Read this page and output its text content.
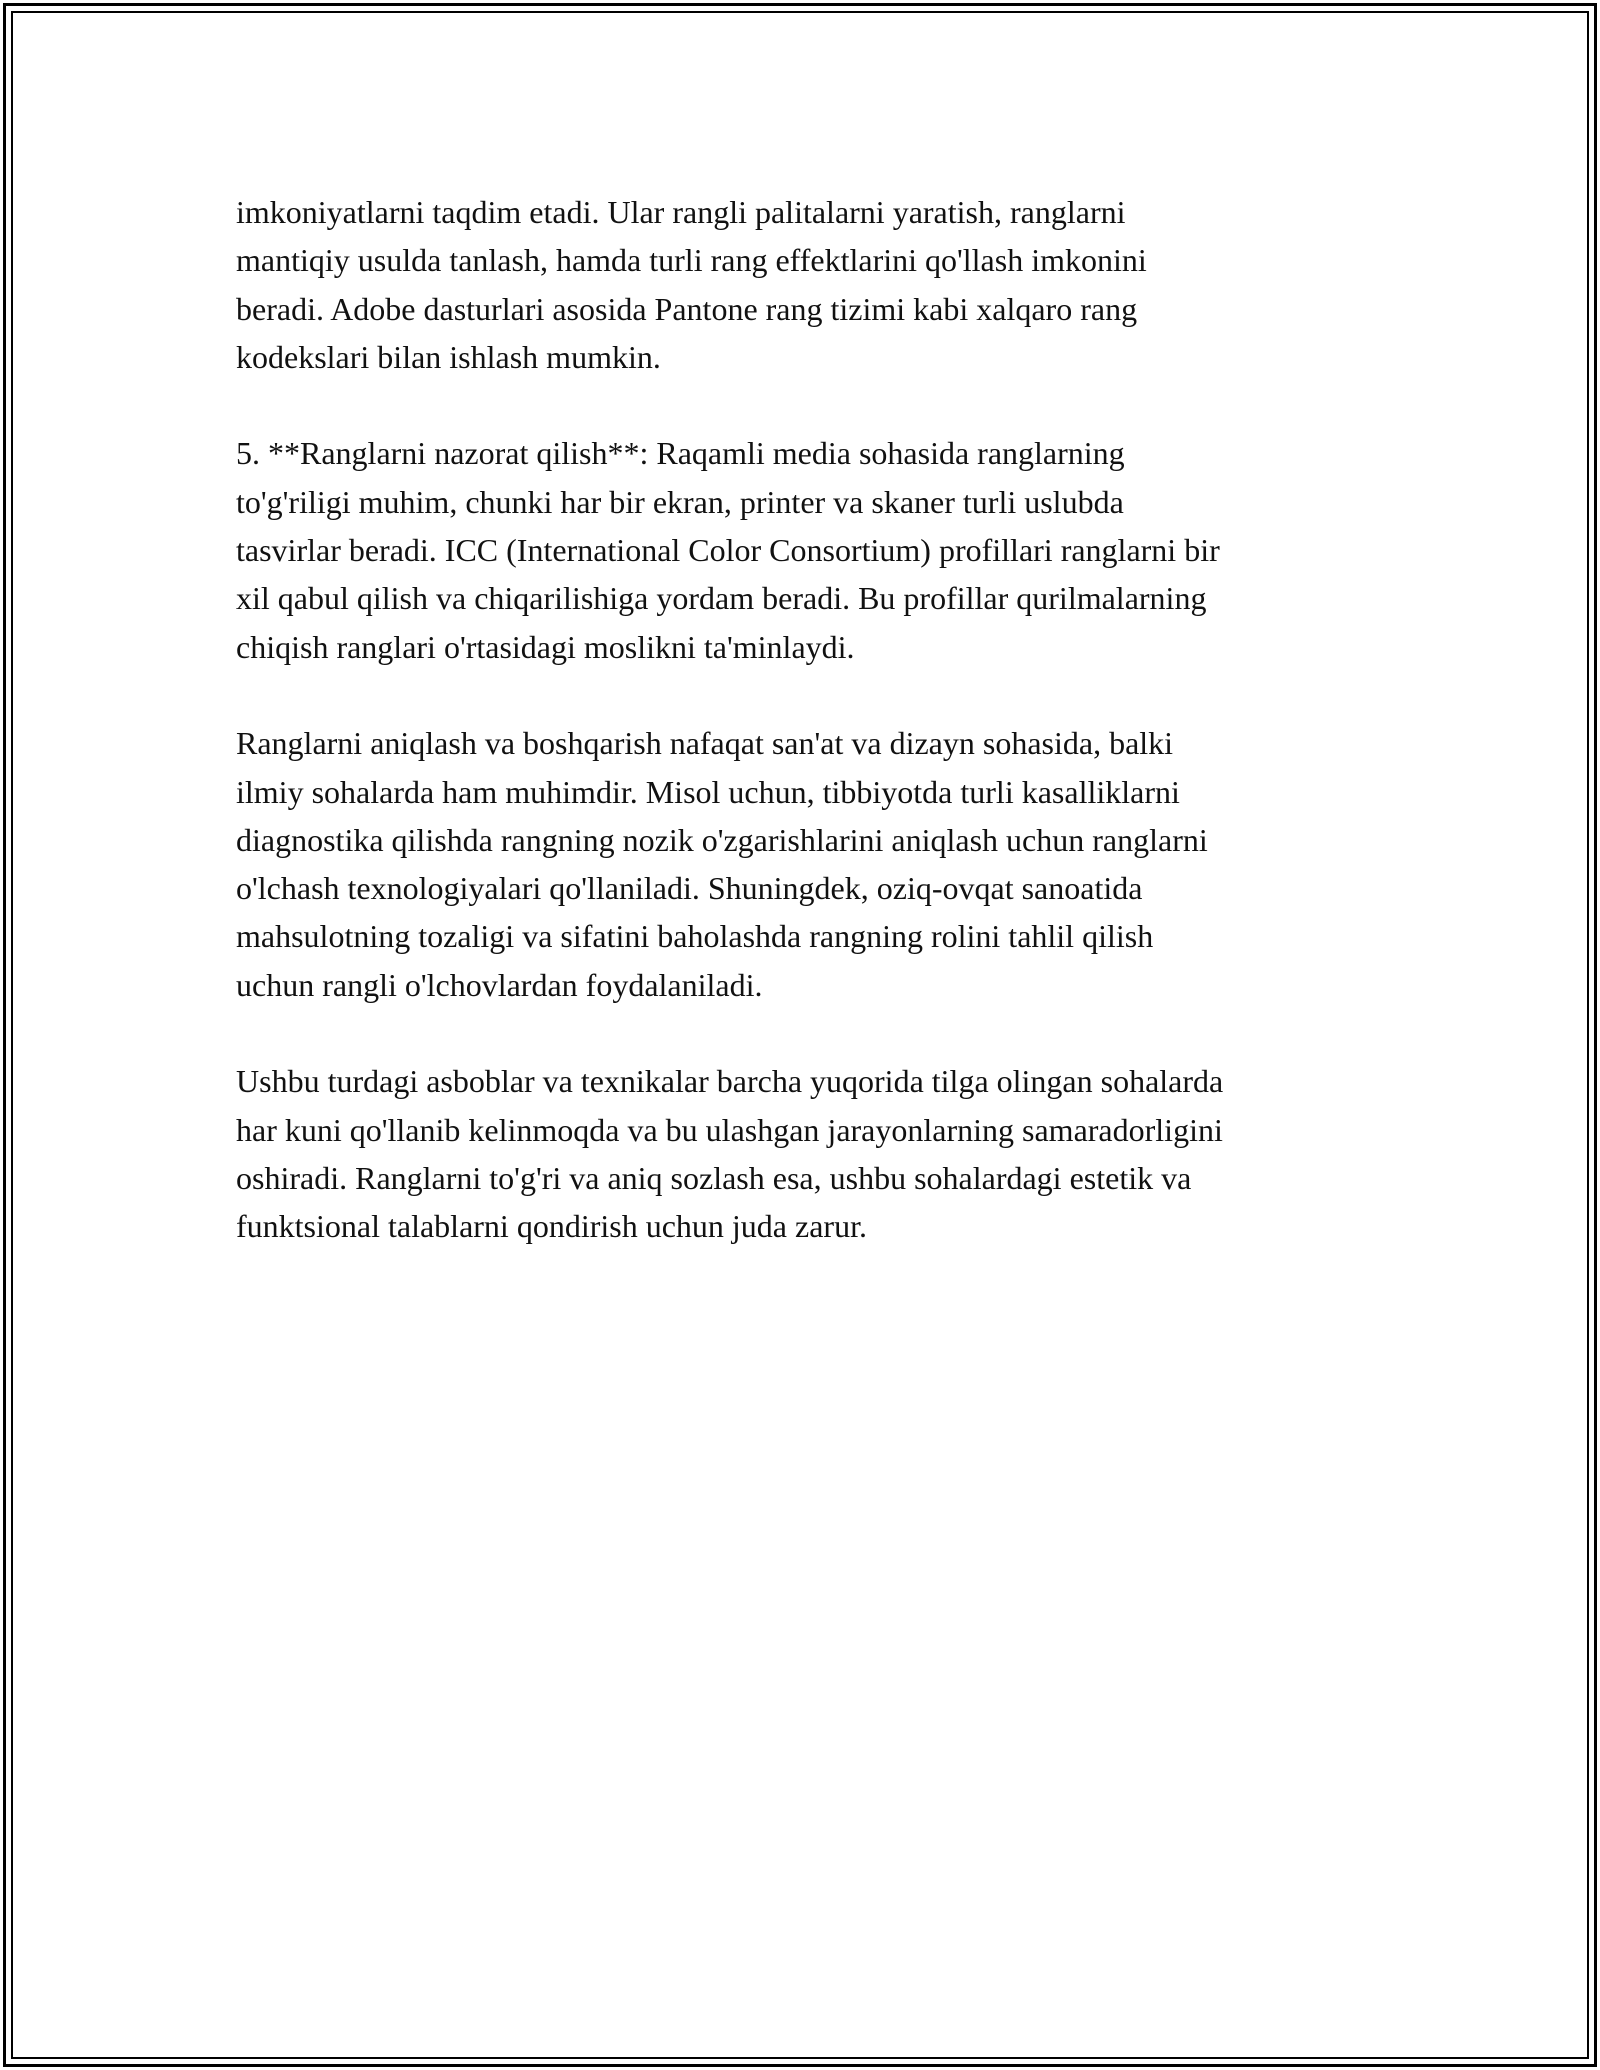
imkoniyatlarni taqdim etadi. Ular rangli palitalarni yaratish, ranglarni
mantiqiy usulda tanlash, hamda turli rang effektlarini qo'llash imkonini
beradi. Adobe dasturlari asosida Pantone rang tizimi kabi xalqaro rang
kodekslari bilan ishlash mumkin.

5. **Ranglarni nazorat qilish**: Raqamli media sohasida ranglarning
to'g'riligi muhim, chunki har bir ekran, printer va skaner turli uslubda
tasvirlar beradi. ICC (International Color Consortium) profillari ranglarni bir
xil qabul qilish va chiqarilishiga yordam beradi. Bu profillar qurilmalarning
chiqish ranglari o'rtasidagi moslikni ta'minlaydi.

Ranglarni aniqlash va boshqarish nafaqat san'at va dizayn sohasida, balki
ilmiy sohalarda ham muhimdir. Misol uchun, tibbiyotda turli kasalliklarni
diagnostika qilishda rangning nozik o'zgarishlarini aniqlash uchun ranglarni
o'lchash texnologiyalari qo'llaniladi. Shuningdek, oziq-ovqat sanoatida
mahsulotning tozaligi va sifatini baholashda rangning rolini tahlil qilish
uchun rangli o'lchovlardan foydalaniladi.

Ushbu turdagi asboblar va texnikalar barcha yuqorida tilga olingan sohalarda
har kuni qo'llanib kelinmoqda va bu ulashgan jarayonlarning samaradorligini
oshiradi. Ranglarni to'g'ri va aniq sozlash esa, ushbu sohalardagi estetik va
funktsional talablarni qondirish uchun juda zarur.
